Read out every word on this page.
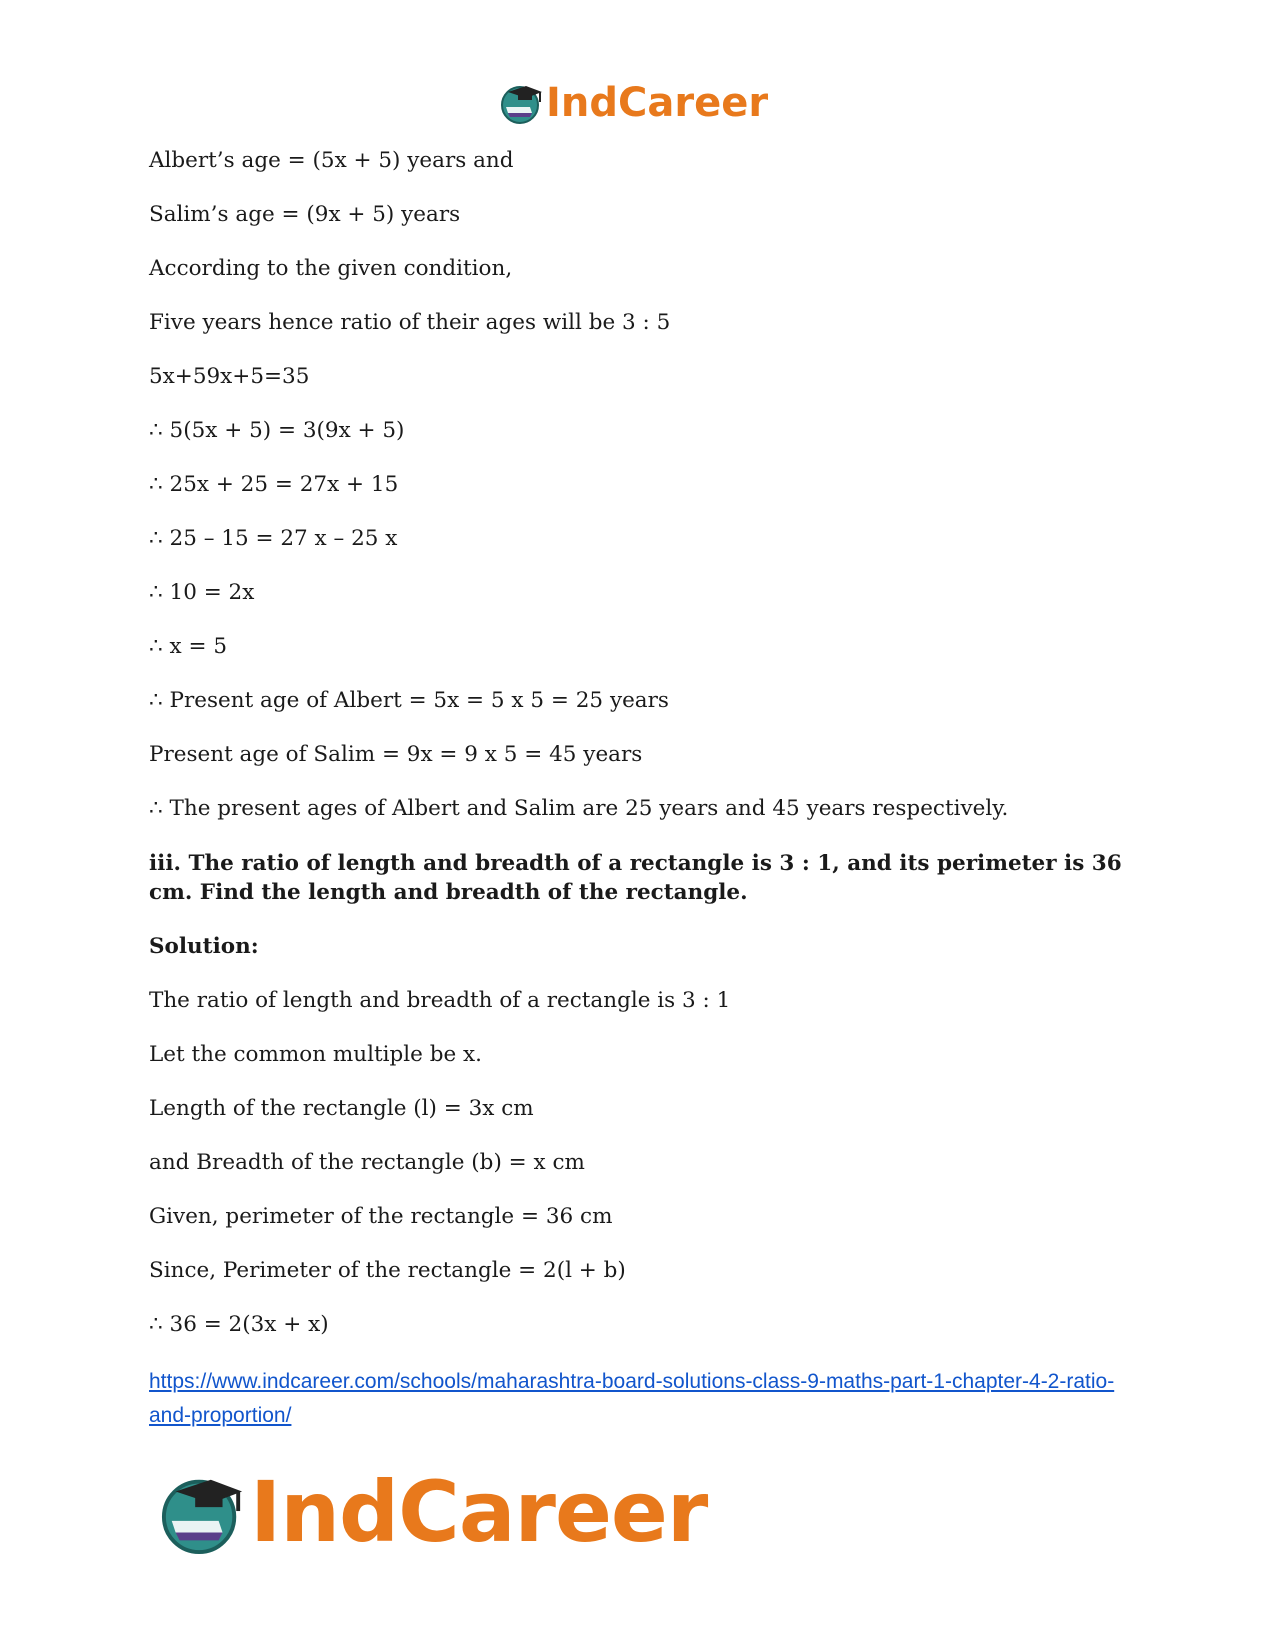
IndCareer
Albert’s age = (5x + 5) years and
Salim’s age = (9x + 5) years
According to the given condition,
Five years hence ratio of their ages will be 3 : 5
5x+59x+5=35
∴ 5(5x + 5) = 3(9x + 5)
∴ 25x + 25 = 27x + 15
∴ 25 – 15 = 27 x – 25 x
∴ 10 = 2x
∴ x = 5
∴ Present age of Albert = 5x = 5 x 5 = 25 years
Present age of Salim = 9x = 9 x 5 = 45 years
∴ The present ages of Albert and Salim are 25 years and 45 years respectively.
iii. The ratio of length and breadth of a rectangle is 3 : 1, and its perimeter is 36 cm. Find the length and breadth of the rectangle.
Solution:
The ratio of length and breadth of a rectangle is 3 : 1
Let the common multiple be x.
Length of the rectangle (l) = 3x cm
and Breadth of the rectangle (b) = x cm
Given, perimeter of the rectangle = 36 cm
Since, Perimeter of the rectangle = 2(l + b)
∴ 36 = 2(3x + x)
https://www.indcareer.com/schools/maharashtra-board-solutions-class-9-maths-part-1-chapter-4-2-ratio-and-proportion/
IndCareer
